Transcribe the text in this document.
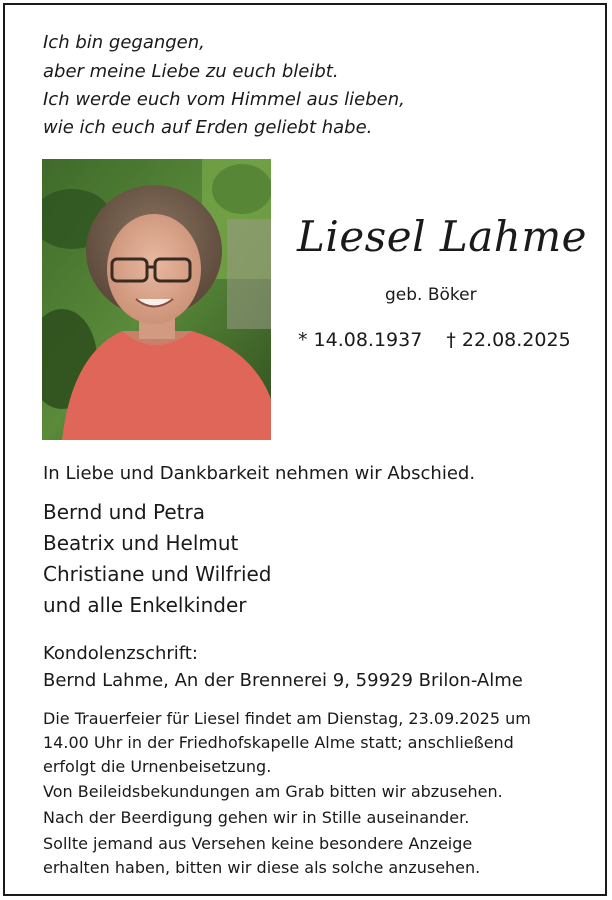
Ich bin gegangen,
aber meine Liebe zu euch bleibt.
Ich werde euch vom Himmel aus lieben,
wie ich euch auf Erden geliebt habe.
Liesel Lahme
geb. Böker
* 14.08.1937 † 22.08.2025
In Liebe und Dankbarkeit nehmen wir Abschied.
Bernd und Petra
Beatrix und Helmut
Christiane und Wilfried
und alle Enkelkinder
Kondolenzschrift:
Bernd Lahme, An der Brennerei 9, 59929 Brilon-Alme
Die Trauerfeier für Liesel findet am Dienstag, 23.09.2025 um
14.00 Uhr in der Friedhofskapelle Alme statt; anschließend
erfolgt die Urnenbeisetzung.
Von Beileidsbekundungen am Grab bitten wir abzusehen.
Nach der Beerdigung gehen wir in Stille auseinander.
Sollte jemand aus Versehen keine besondere Anzeige
erhalten haben, bitten wir diese als solche anzusehen.
